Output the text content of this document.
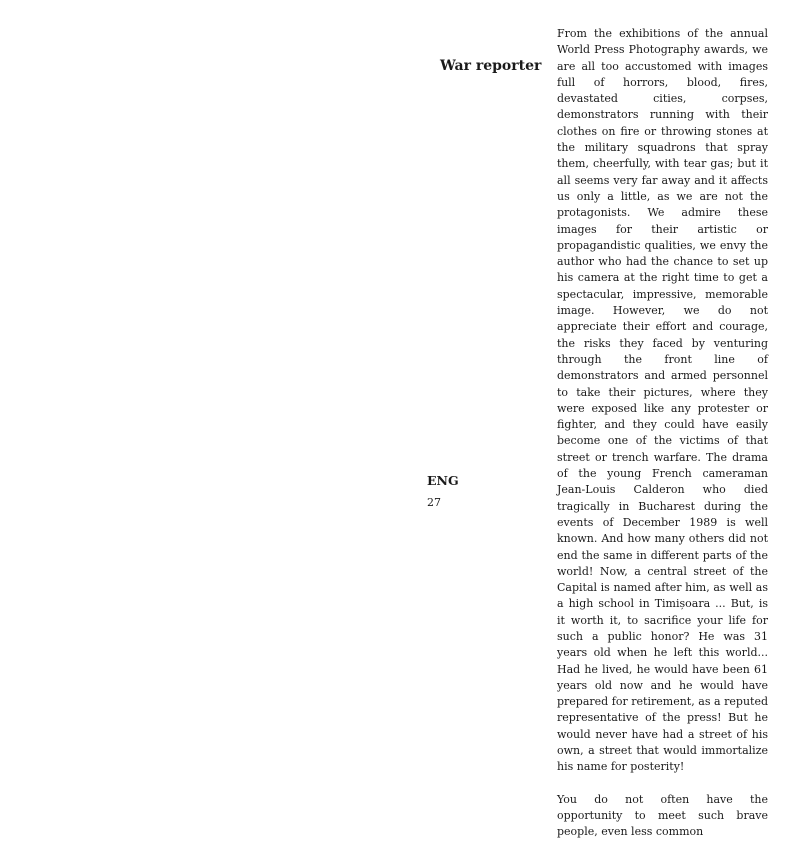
War reporter
ENG
27

From the exhibitions of the annual World Press Photography awards, we are all too accustomed with images full of horrors, blood, fires, devastated cities, corpses, demonstrators running with their clothes on fire or throwing stones at the military squadrons that spray them, cheerfully, with tear gas; but it all seems very far away and it affects us only a little, as we are not the protagonists. We admire these images for their artistic or propagandistic qualities, we envy the author who had the chance to set up his camera at the right time to get a spectacular, impressive, memorable image. However, we do not appreciate their effort and courage, the risks they faced by venturing through the front line of demonstrators and armed personnel to take their pictures, where they were exposed like any protester or fighter, and they could have easily become one of the victims of that street or trench warfare. The drama of the young French cameraman Jean-Louis Calderon who died tragically in Bucharest during the events of December 1989 is well known. And how many others did not end the same in different parts of the world! Now, a central street of the Capital is named after him, as well as a high school in Timișoara ... But, is it worth it, to sacrifice your life for such a public honor? He was 31 years old when he left this world... Had he lived, he would have been 61 years old now and he would have prepared for retirement, as a reputed representative of the press! But he would never have had a street of his own, a street that would immortalize his name for posterity!

You do not often have the opportunity to meet such brave people, even less common
